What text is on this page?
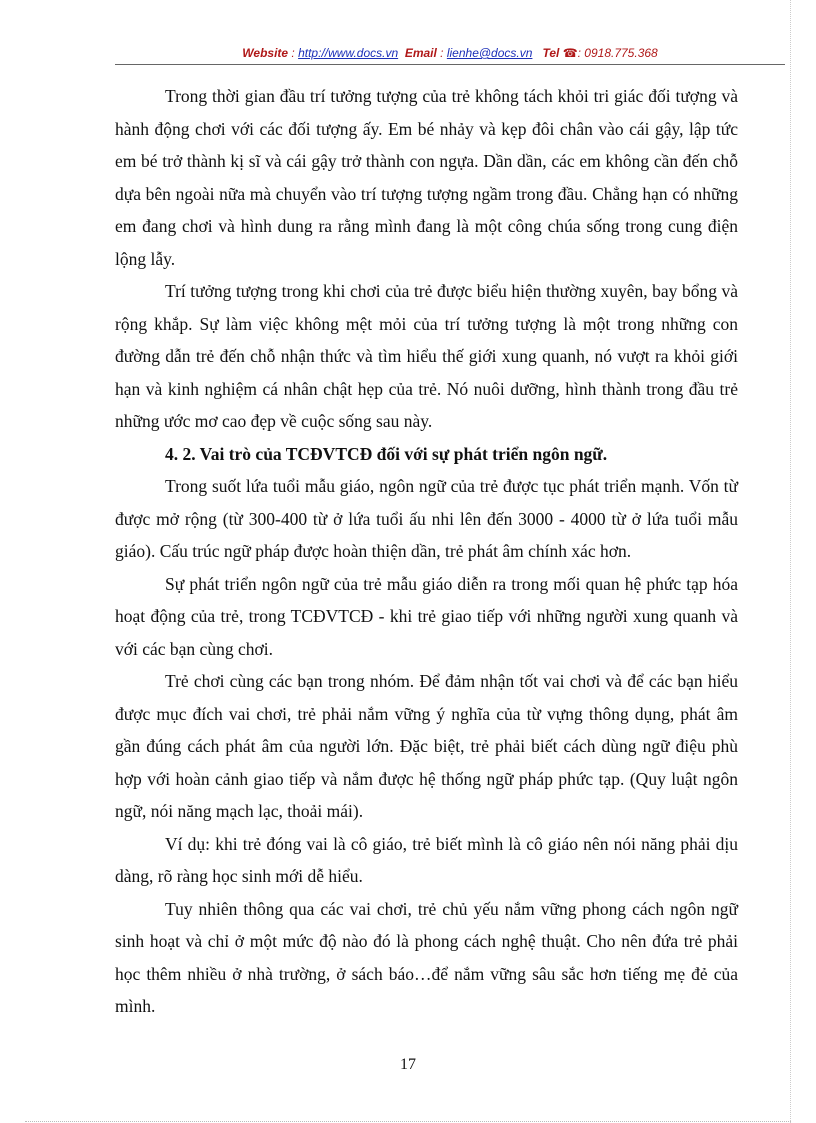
Website : http://www.docs.vn Email : lienhe@docs.vn Tel ☎: 0918.775.368

Trong thời gian đầu trí tưởng tượng của trẻ không tách khỏi tri giác đối tượng và hành động chơi với các đối tượng ấy. Em bé nhảy và kẹp đôi chân vào cái gậy, lập tức em bé trở thành kị sĩ và cái gậy trở thành con ngựa. Dần dần, các em không cần đến chỗ dựa bên ngoài nữa mà chuyển vào trí tượng tượng ngầm trong đầu. Chẳng hạn có những em đang chơi và hình dung ra rằng mình đang là một công chúa sống trong cung điện lộng lẫy.

Trí tưởng tượng trong khi chơi của trẻ được biểu hiện thường xuyên, bay bổng và rộng khắp. Sự làm việc không mệt mỏi của trí tưởng tượng là một trong những con đường dẫn trẻ đến chỗ nhận thức và tìm hiểu thế giới xung quanh, nó vượt ra khỏi giới hạn và kinh nghiệm cá nhân chật hẹp của trẻ. Nó nuôi dưỡng, hình thành trong đầu trẻ những ước mơ cao đẹp về cuộc sống sau này.

4. 2. Vai trò của TCĐVTCĐ đối với sự phát triển ngôn ngữ.

Trong suốt lứa tuổi mẫu giáo, ngôn ngữ của trẻ được tục phát triển mạnh. Vốn từ được mở rộng (từ 300-400 từ ở lứa tuổi ấu nhi lên đến 3000 - 4000 từ ở lứa tuổi mẫu giáo). Cấu trúc ngữ pháp được hoàn thiện dần, trẻ phát âm chính xác hơn.

Sự phát triển ngôn ngữ của trẻ mẫu giáo diễn ra trong mối quan hệ phức tạp hóa hoạt động của trẻ, trong TCĐVTCĐ - khi trẻ giao tiếp với những người xung quanh và với các bạn cùng chơi.

Trẻ chơi cùng các bạn trong nhóm. Để đảm nhận tốt vai chơi và để các bạn hiểu được mục đích vai chơi, trẻ phải nắm vững ý nghĩa của từ vựng thông dụng, phát âm gần đúng cách phát âm của người lớn. Đặc biệt, trẻ phải biết cách dùng ngữ điệu phù hợp với hoàn cảnh giao tiếp và nắm được hệ thống ngữ pháp phức tạp. (Quy luật ngôn ngữ, nói năng mạch lạc, thoải mái).

Ví dụ: khi trẻ đóng vai là cô giáo, trẻ biết mình là cô giáo nên nói năng phải dịu dàng, rõ ràng học sinh mới dễ hiểu.

Tuy nhiên thông qua các vai chơi, trẻ chủ yếu nắm vững phong cách ngôn ngữ sinh hoạt và chỉ ở một mức độ nào đó là phong cách nghệ thuật. Cho nên đứa trẻ phải học thêm nhiều ở nhà trường, ở sách báo…để nắm vững sâu sắc hơn tiếng mẹ đẻ của mình.

17
